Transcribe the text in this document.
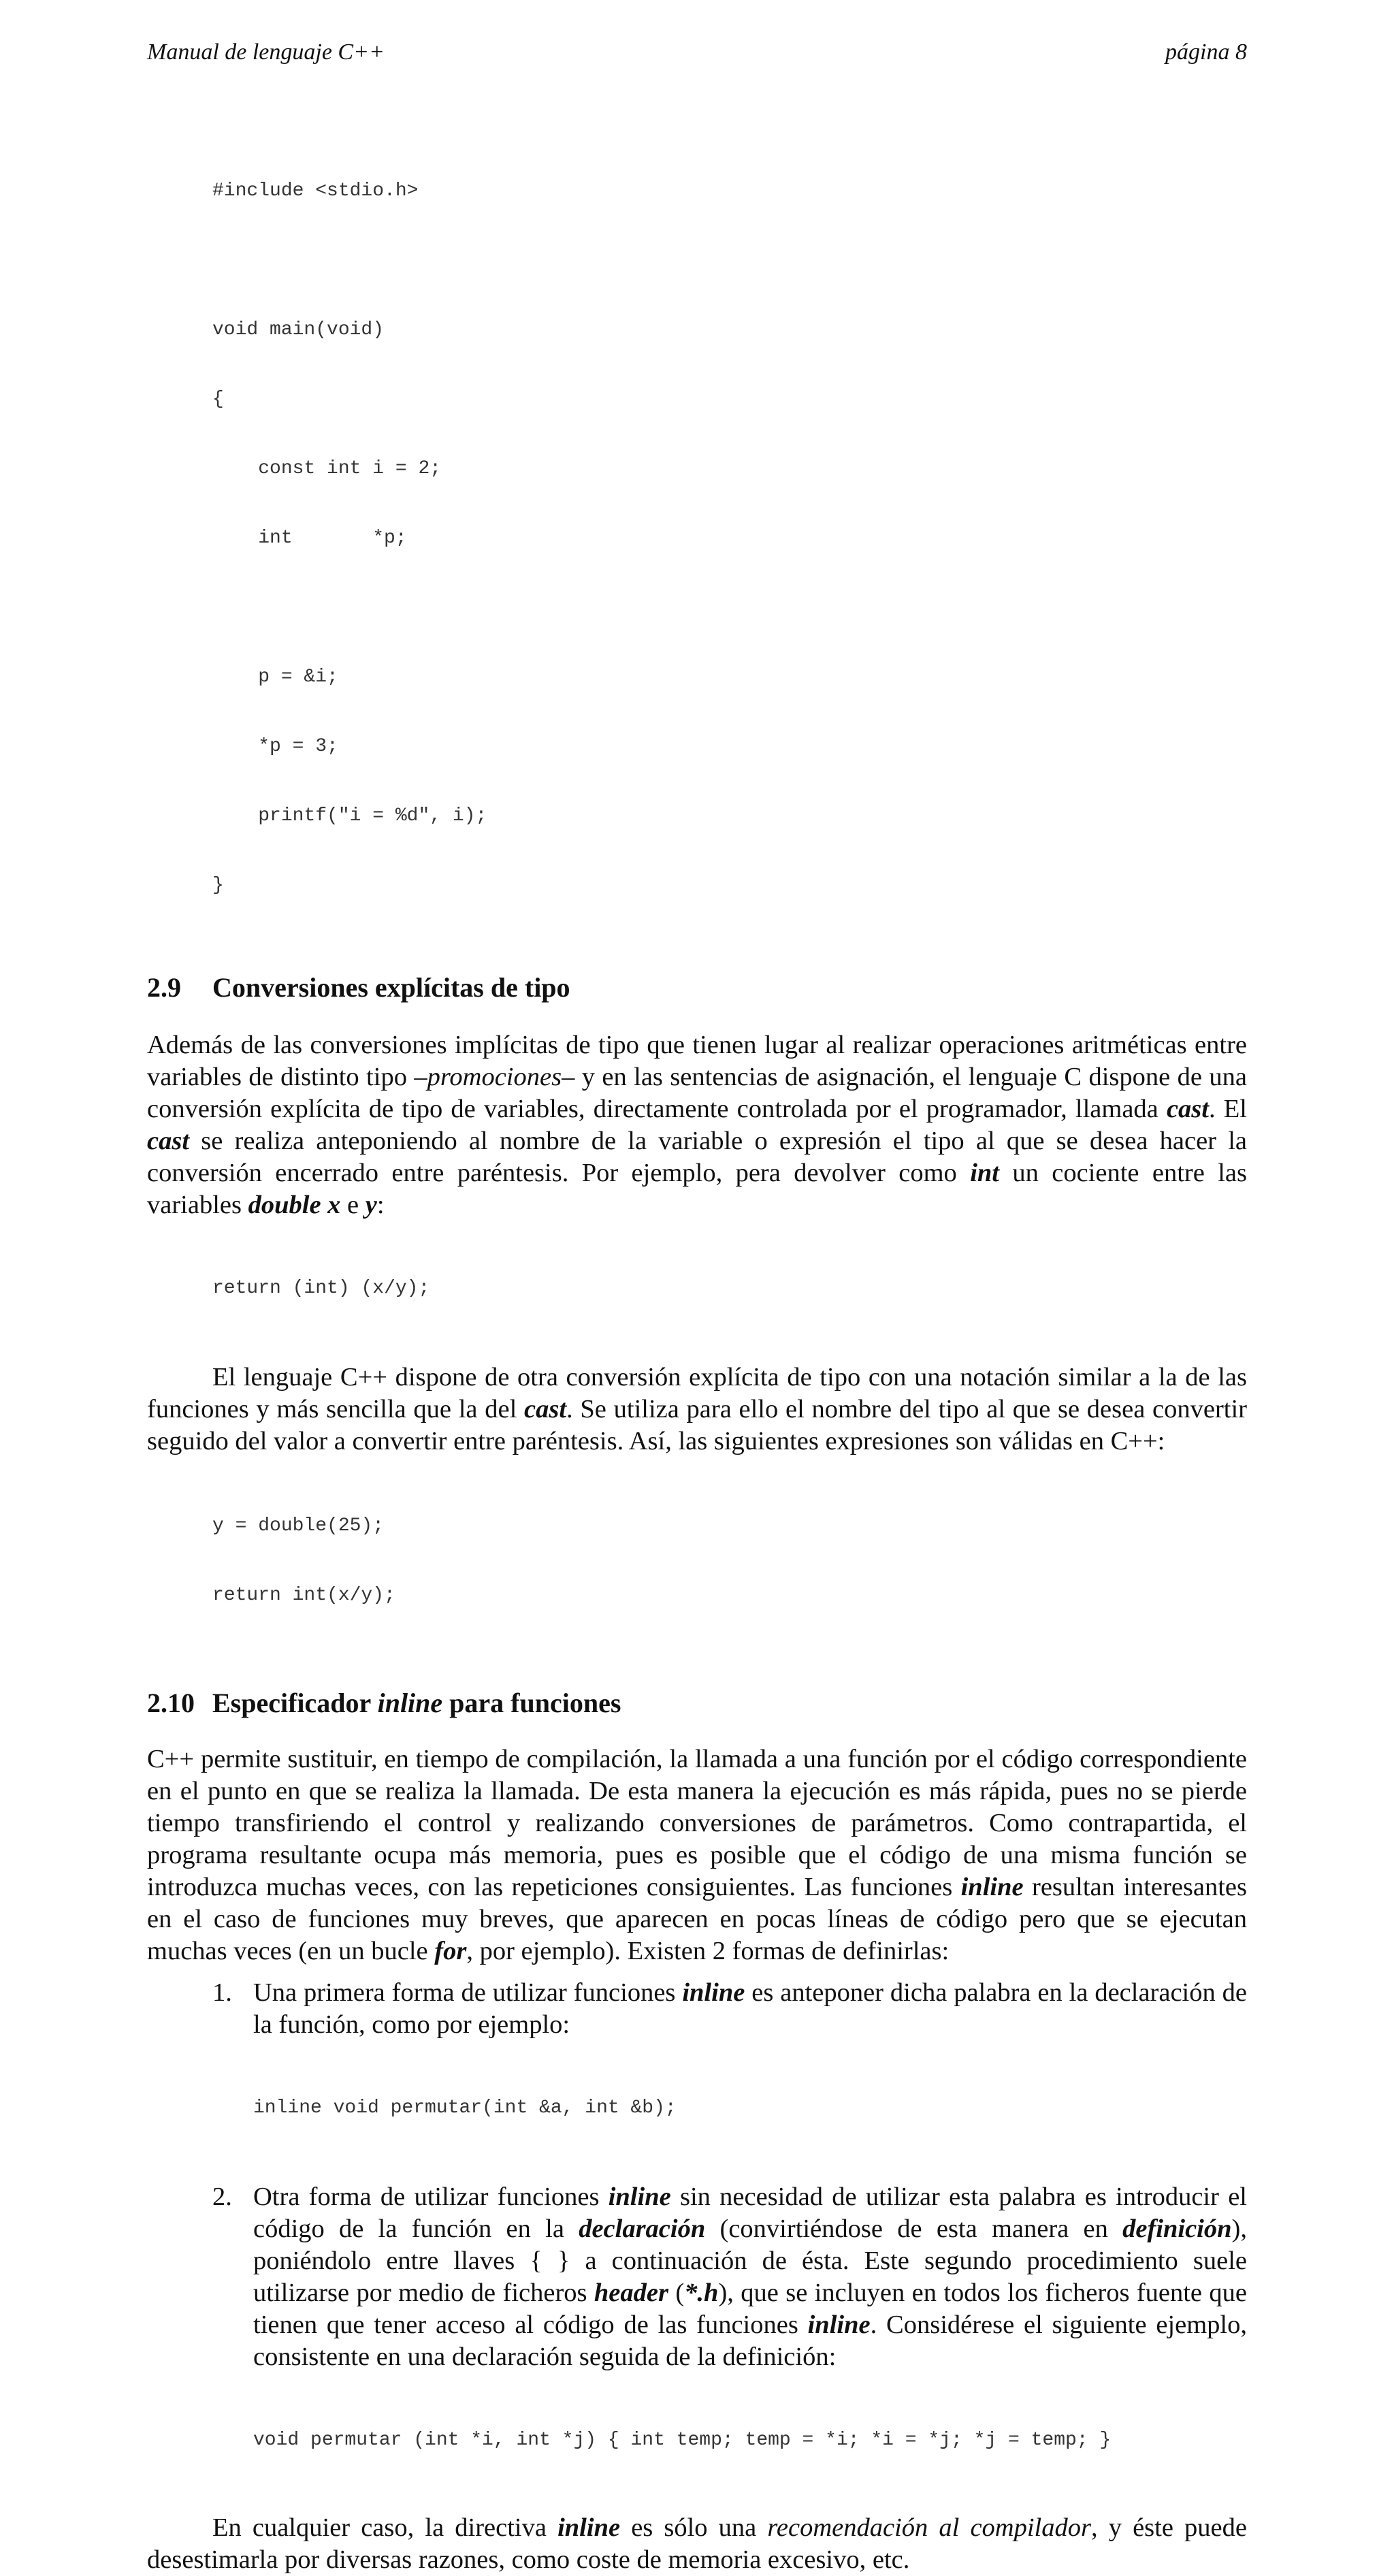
Manual de lenguaje C++	página 8

#include <stdio.h>

void main(void)

{

const int i = 2;

int       *p;

p = &i;

*p = 3;

printf("i = %d", i);

}

2.9 Conversiones explícitas de tipo

Además de las conversiones implícitas de tipo que tienen lugar al realizar operaciones aritméticas entre variables de distinto tipo –promociones– y en las sentencias de asignación, el lenguaje C dispone de una conversión explícita de tipo de variables, directamente controlada por el programador, llamada cast. El cast se realiza anteponiendo al nombre de la variable o expresión el tipo al que se desea hacer la conversión encerrado entre paréntesis. Por ejemplo, pera devolver como int un cociente entre las variables double x e y:

return (int) (x/y);

El lenguaje C++ dispone de otra conversión explícita de tipo con una notación similar a la de las funciones y más sencilla que la del cast. Se utiliza para ello el nombre del tipo al que se desea convertir seguido del valor a convertir entre paréntesis. Así, las siguientes expresiones son válidas en C++:

y = double(25);

return int(x/y);

2.10 Especificador inline para funciones

C++ permite sustituir, en tiempo de compilación, la llamada a una función por el código correspondiente en el punto en que se realiza la llamada. De esta manera la ejecución es más rápida, pues no se pierde tiempo transfiriendo el control y realizando conversiones de parámetros. Como contrapartida, el programa resultante ocupa más memoria, pues es posible que el código de una misma función se introduzca muchas veces, con las repeticiones consiguientes. Las funciones inline resultan interesantes en el caso de funciones muy breves, que aparecen en pocas líneas de código pero que se ejecutan muchas veces (en un bucle for, por ejemplo). Existen 2 formas de definirlas:

1. Una primera forma de utilizar funciones inline es anteponer dicha palabra en la declaración de la función, como por ejemplo:

inline void permutar(int &a, int &b);

2. Otra forma de utilizar funciones inline sin necesidad de utilizar esta palabra es introducir el código de la función en la declaración (convirtiéndose de esta manera en definición), poniéndolo entre llaves { } a continuación de ésta. Este segundo procedimiento suele utilizarse por medio de ficheros header (*.h), que se incluyen en todos los ficheros fuente que tienen que tener acceso al código de las funciones inline. Considérese el siguiente ejemplo, consistente en una declaración seguida de la definición:

void permutar (int *i, int *j) { int temp; temp = *i; *i = *j; *j = temp; }

En cualquier caso, la directiva inline es sólo una recomendación al compilador, y éste puede desestimarla por diversas razones, como coste de memoria excesivo, etc.
